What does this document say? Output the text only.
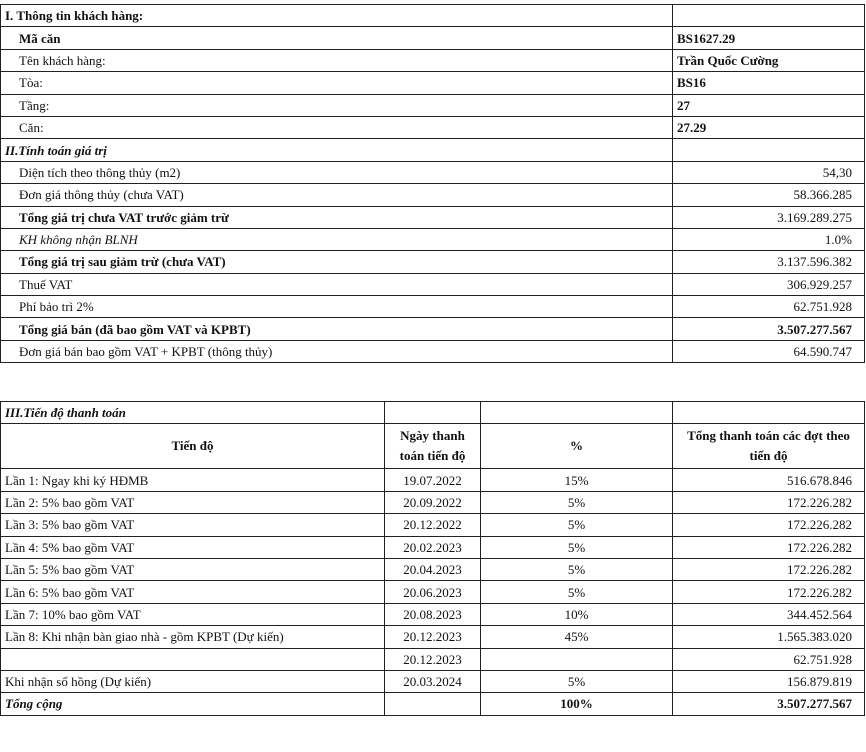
I. Thông tin khách hàng:	
Mã căn	BS1627.29
Tên khách hàng:	Trần Quốc Cường
Tòa:	BS16
Tầng:	27
Căn:	27.29
II.Tính toán giá trị	
Diện tích theo thông thủy (m2)	54,30
Đơn giá thông thủy (chưa VAT)	58.366.285
Tổng giá trị chưa VAT trước giảm trừ	3.169.289.275
KH không nhận BLNH	1.0%
Tổng giá trị sau giảm trừ (chưa VAT)	3.137.596.382
Thuế VAT	306.929.257
Phí bảo trì 2%	62.751.928
Tổng giá bán (đã bao gồm VAT và KPBT)	3.507.277.567
Đơn giá bán bao gồm VAT + KPBT (thông thủy)	64.590.747
III.Tiến độ thanh toán			
Tiến độ	Ngày thanh toán tiến độ	%	Tổng thanh toán các đợt theo tiến độ
Lần 1: Ngay khi ký HĐMB	19.07.2022	15%	516.678.846
Lần 2: 5% bao gồm VAT	20.09.2022	5%	172.226.282
Lần 3: 5% bao gồm VAT	20.12.2022	5%	172.226.282
Lần 4: 5% bao gồm VAT	20.02.2023	5%	172.226.282
Lần 5: 5% bao gồm VAT	20.04.2023	5%	172.226.282
Lần 6: 5% bao gồm VAT	20.06.2023	5%	172.226.282
Lần 7: 10% bao gồm VAT	20.08.2023	10%	344.452.564
Lần 8: Khi nhận bàn giao nhà - gồm KPBT (Dự kiến)	20.12.2023	45%	1.565.383.020
	20.12.2023		62.751.928
Khi nhận sổ hồng (Dự kiến)	20.03.2024	5%	156.879.819
Tổng cộng		100%	3.507.277.567
